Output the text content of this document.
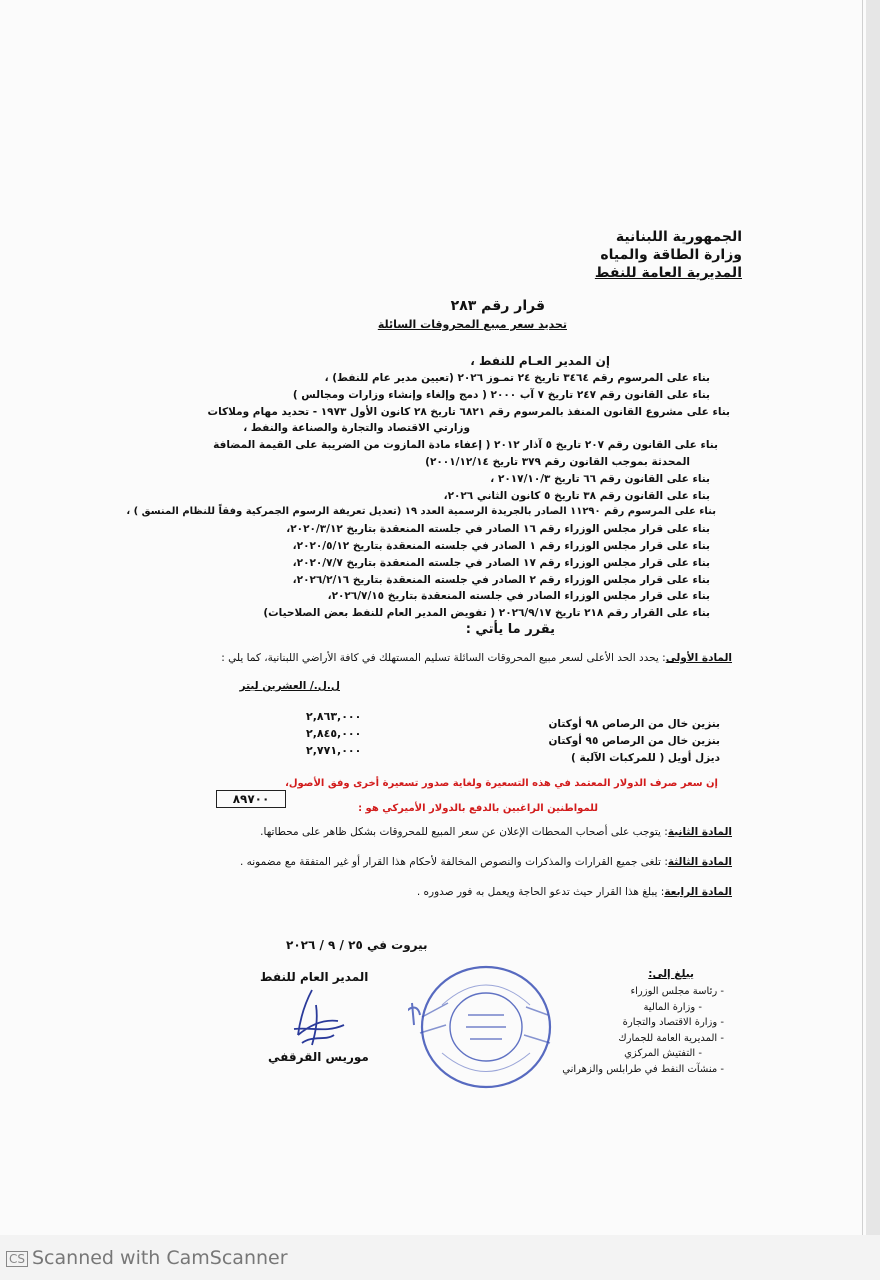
الجمهورية اللبنانية
وزارة الطاقة والمياه
المديرية العامة للنفط
قرار رقم ٢٨٣
تحديد سعر مبيع المحروقات السائلة
إن المدير العـام للنفط ،
بناء على المرسوم رقم ٣٤٦٤ تاريخ ٢٤ تمـوز ٢٠٢٦ (تعيين مدير عام للنفط) ،
بناء على القانون رقم ٢٤٧ تاريخ ٧ آب ٢٠٠٠ ( دمج وإلغاء وإنشاء وزارات ومجالس )
بناء على مشروع القانون المنفذ بالمرسوم رقم ٦٨٢١ تاريخ ٢٨ كانون الأول ١٩٧٣ - تحديد مهام وملاكات
وزارتي الاقتصاد والتجارة والصناعة والنفط ،
بناء على القانون رقم ٢٠٧ تاريخ ٥ آذار ٢٠١٢ ( إعفاء مادة المازوت من الضريبة على القيمة المضافة
المحدثة بموجب القانون رقم ٣٧٩ تاريخ ٢٠٠١/١٢/١٤)
بناء على القانون رقم ٦٦ تاريخ ٢٠١٧/١٠/٣ ،
بناء على القانون رقم ٣٨ تاريخ ٥ كانون الثاني ٢٠٢٦،
بناء على المرسوم رقم ١١٢٩٠ الصادر بالجريدة الرسمية العدد ١٩ (تعديل تعريفة الرسوم الجمركية وفقاً للنظام المنسق ) ،
بناء على قرار مجلس الوزراء رقم ١٦ الصادر في جلسته المنعقدة بتاريخ ٢٠٢٠/٣/١٢،
بناء على قرار مجلس الوزراء رقم ١ الصادر في جلسته المنعقدة بتاريخ ٢٠٢٠/٥/١٢،
بناء على قرار مجلس الوزراء رقم ١٧ الصادر في جلسته المنعقدة بتاريخ ٢٠٢٠/٧/٧،
بناء على قرار مجلس الوزراء رقم ٢ الصادر في جلسته المنعقدة بتاريخ ٢٠٢٦/٢/١٦،
بناء على قرار مجلس الوزراء الصادر في جلسته المنعقدة بتاريخ ٢٠٢٦/٧/١٥،
بناء على القرار رقم ٢١٨ تاريخ ٢٠٢٦/٩/١٧ ( تفويض المدير العام للنفط بعض الصلاحيات)
يقرر ما يأتي :
المادة الأولى: يحدد الحد الأعلى لسعر مبيع المحروقات السائلة تسليم المستهلك في كافة الأراضي اللبنانية، كما يلي :
ل.ل./ العشرين ليتر
بنزين خال من الرصاص ٩٨ أوكتان
بنزين خال من الرصاص ٩٥ أوكتان
ديزل أويل ( للمركبات الآلية )
٢,٨٦٣,٠٠٠
٢,٨٤٥,٠٠٠
٢,٧٧١,٠٠٠
إن سعر صرف الدولار المعتمد في هذه التسعيرة ولغاية صدور تسعيرة أخرى وفق الأصول،
للمواطنين الراغبين بالدفع بالدولار الأميركي هو :
٨٩٧٠٠
المادة الثانية: يتوجب على أصحاب المحطات الإعلان عن سعر المبيع للمحروقات بشكل ظاهر على محطاتها.
المادة الثالثة: تلغى جميع القرارات والمذكرات والنصوص المخالفة لأحكام هذا القرار أو غير المتفقة مع مضمونه .
المادة الرابعة: يبلغ هذا القرار حيث تدعو الحاجة ويعمل به فور صدوره .
بيروت في ٢٥ / ٩ / ٢٠٢٦
المدير العام للنفط
موريس القرقفي
يبلغ إلى:
- رئاسة مجلس الوزراء
- وزارة المالية
- وزارة الاقتصاد والتجارة
- المديرية العامة للجمارك
- التفتيش المركزي
- منشآت النفط في طرابلس والزهراني
CS Scanned with CamScanner
